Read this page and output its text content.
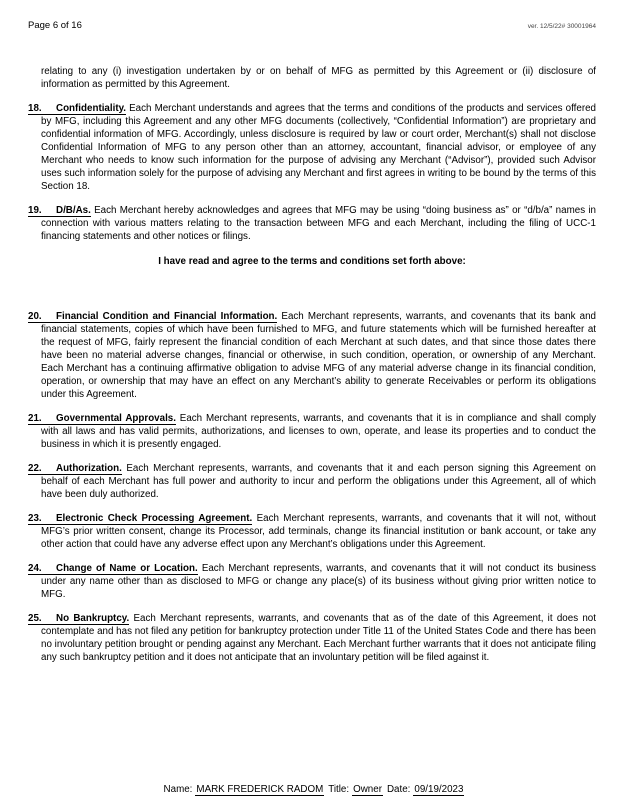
Page 6 of 16	ver. 12/5/22# 30001964

relating to any (i) investigation undertaken by or on behalf of MFG as permitted by this Agreement or (ii) disclosure of information as permitted by this Agreement.

18. Confidentiality. Each Merchant understands and agrees that the terms and conditions of the products and services offered by MFG, including this Agreement and any other MFG documents (collectively, “Confidential Information”) are proprietary and confidential information of MFG. Accordingly, unless disclosure is required by law or court order, Merchant(s) shall not disclose Confidential Information of MFG to any person other than an attorney, accountant, financial advisor, or employee of any Merchant who needs to know such information for the purpose of advising any Merchant (“Advisor”), provided such Advisor uses such information solely for the purpose of advising any Merchant and first agrees in writing to be bound by the terms of this Section 18.

19. D/B/As. Each Merchant hereby acknowledges and agrees that MFG may be using “doing business as” or “d/b/a” names in connection with various matters relating to the transaction between MFG and each Merchant, including the filing of UCC-1 financing statements and other notices or filings.

I have read and agree to the terms and conditions set forth above:

20. Financial Condition and Financial Information. Each Merchant represents, warrants, and covenants that its bank and financial statements, copies of which have been furnished to MFG, and future statements which will be furnished hereafter at the request of MFG, fairly represent the financial condition of each Merchant at such dates, and that since those dates there have been no material adverse changes, financial or otherwise, in such condition, operation, or ownership of any Merchant. Each Merchant has a continuing affirmative obligation to advise MFG of any material adverse change in its financial condition, operation, or ownership that may have an effect on any Merchant’s ability to generate Receivables or perform its obligations under this Agreement.

21. Governmental Approvals. Each Merchant represents, warrants, and covenants that it is in compliance and shall comply with all laws and has valid permits, authorizations, and licenses to own, operate, and lease its properties and to conduct the business in which it is presently engaged.

22. Authorization. Each Merchant represents, warrants, and covenants that it and each person signing this Agreement on behalf of each Merchant has full power and authority to incur and perform the obligations under this Agreement, all of which have been duly authorized.

23. Electronic Check Processing Agreement. Each Merchant represents, warrants, and covenants that it will not, without MFG’s prior written consent, change its Processor, add terminals, change its financial institution or bank account, or take any other action that could have any adverse effect upon any Merchant’s obligations under this Agreement.

24. Change of Name or Location. Each Merchant represents, warrants, and covenants that it will not conduct its business under any name other than as disclosed to MFG or change any place(s) of its business without giving prior written notice to MFG.

25. No Bankruptcy. Each Merchant represents, warrants, and covenants that as of the date of this Agreement, it does not contemplate and has not filed any petition for bankruptcy protection under Title 11 of the United States Code and there has been no involuntary petition brought or pending against any Merchant. Each Merchant further warrants that it does not anticipate filing any such bankruptcy petition and it does not anticipate that an involuntary petition will be filed against it.

Name: MARK FREDERICK RADOM Title: Owner Date: 09/19/2023
